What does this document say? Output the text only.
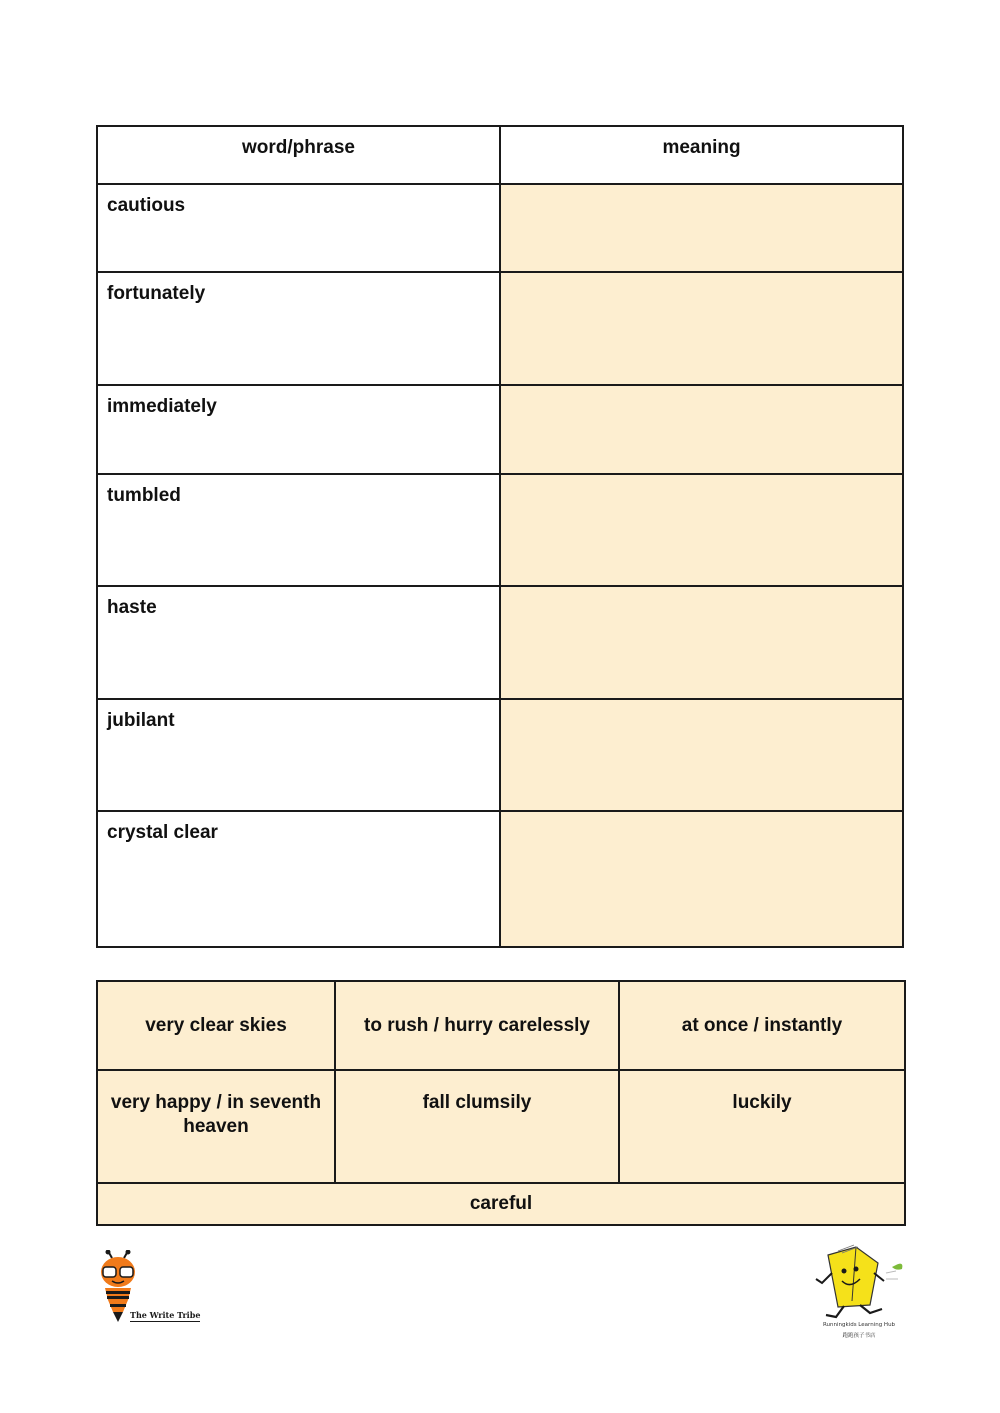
word/phrase	meaning
cautious	
fortunately	
immediately	
tumbled	
haste	
jubilant	
crystal clear	
very clear skies	to rush / hurry carelessly	at once / instantly
very happy / in seventh heaven	fall clumsily	luckily
careful		
The Write Tribe
Runningkids Learning Hub
跑跑孩子书店
